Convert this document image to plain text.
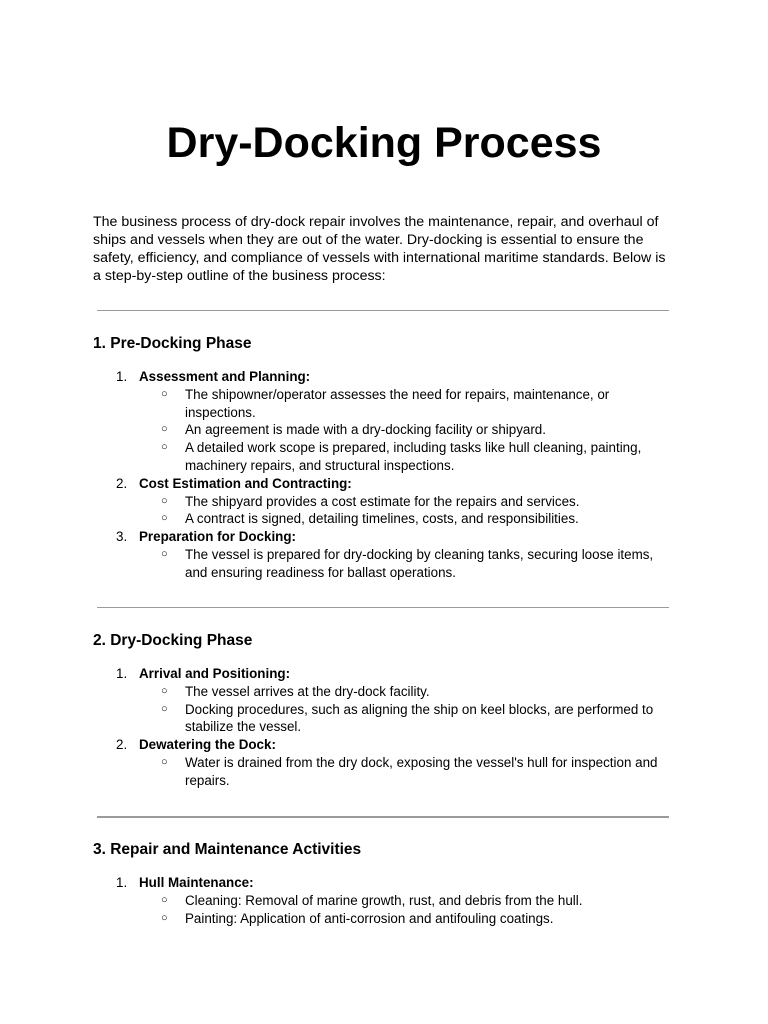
Dry-Docking Process

The business process of dry-dock repair involves the maintenance, repair, and overhaul of ships and vessels when they are out of the water. Dry-docking is essential to ensure the safety, efficiency, and compliance of vessels with international maritime standards. Below is a step-by-step outline of the business process:

1. Pre-Docking Phase
1. Assessment and Planning:
○ The shipowner/operator assesses the need for repairs, maintenance, or inspections.
○ An agreement is made with a dry-docking facility or shipyard.
○ A detailed work scope is prepared, including tasks like hull cleaning, painting, machinery repairs, and structural inspections.
2. Cost Estimation and Contracting:
○ The shipyard provides a cost estimate for the repairs and services.
○ A contract is signed, detailing timelines, costs, and responsibilities.
3. Preparation for Docking:
○ The vessel is prepared for dry-docking by cleaning tanks, securing loose items, and ensuring readiness for ballast operations.
2. Dry-Docking Phase
1. Arrival and Positioning:
○ The vessel arrives at the dry-dock facility.
○ Docking procedures, such as aligning the ship on keel blocks, are performed to stabilize the vessel.
2. Dewatering the Dock:
○ Water is drained from the dry dock, exposing the vessel's hull for inspection and repairs.
3. Repair and Maintenance Activities
1. Hull Maintenance:
○ Cleaning: Removal of marine growth, rust, and debris from the hull.
○ Painting: Application of anti-corrosion and antifouling coatings.
